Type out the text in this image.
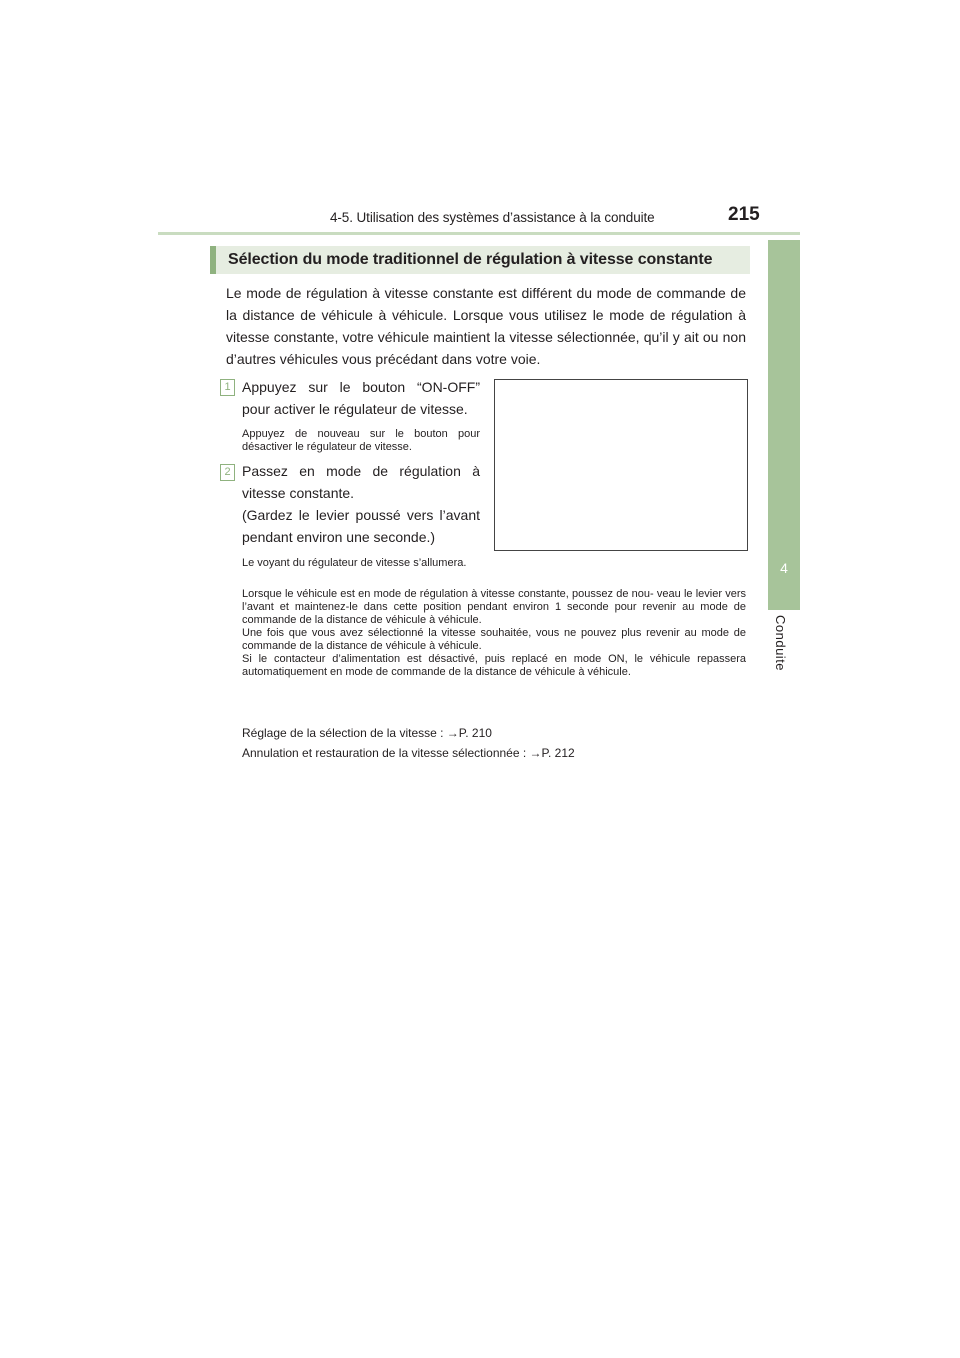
4-5. Utilisation des systèmes d’assistance à la conduite	215
4
Conduite
Sélection du mode traditionnel de régulation à vitesse constante
Le mode de régulation à vitesse constante est différent du mode de commande de la distance de véhicule à véhicule. Lorsque vous utilisez le mode de régulation à vitesse constante, votre véhicule maintient la vitesse sélectionnée, qu’il y ait ou non d’autres véhicules vous précédant dans votre voie.
1 Appuyez sur le bouton “ON-OFF” pour activer le régulateur de vitesse.
Appuyez de nouveau sur le bouton pour désactiver le régulateur de vitesse.
2 Passez en mode de régulation à vitesse constante.
(Gardez le levier poussé vers l’avant pendant environ une seconde.)
Le voyant du régulateur de vitesse s’allumera.

Lorsque le véhicule est en mode de régulation à vitesse constante, poussez de nou- veau le levier vers l’avant et maintenez-le dans cette position pendant environ 1 seconde pour revenir au mode de commande de la distance de véhicule à véhicule.

Une fois que vous avez sélectionné la vitesse souhaitée, vous ne pouvez plus revenir au mode de commande de la distance de véhicule à véhicule.

Si le contacteur d’alimentation est désactivé, puis replacé en mode ON, le véhicule repassera automatiquement en mode de commande de la distance de véhicule à véhicule.

Réglage de la sélection de la vitesse : →P. 210
Annulation et restauration de la vitesse sélectionnée : →P. 212
